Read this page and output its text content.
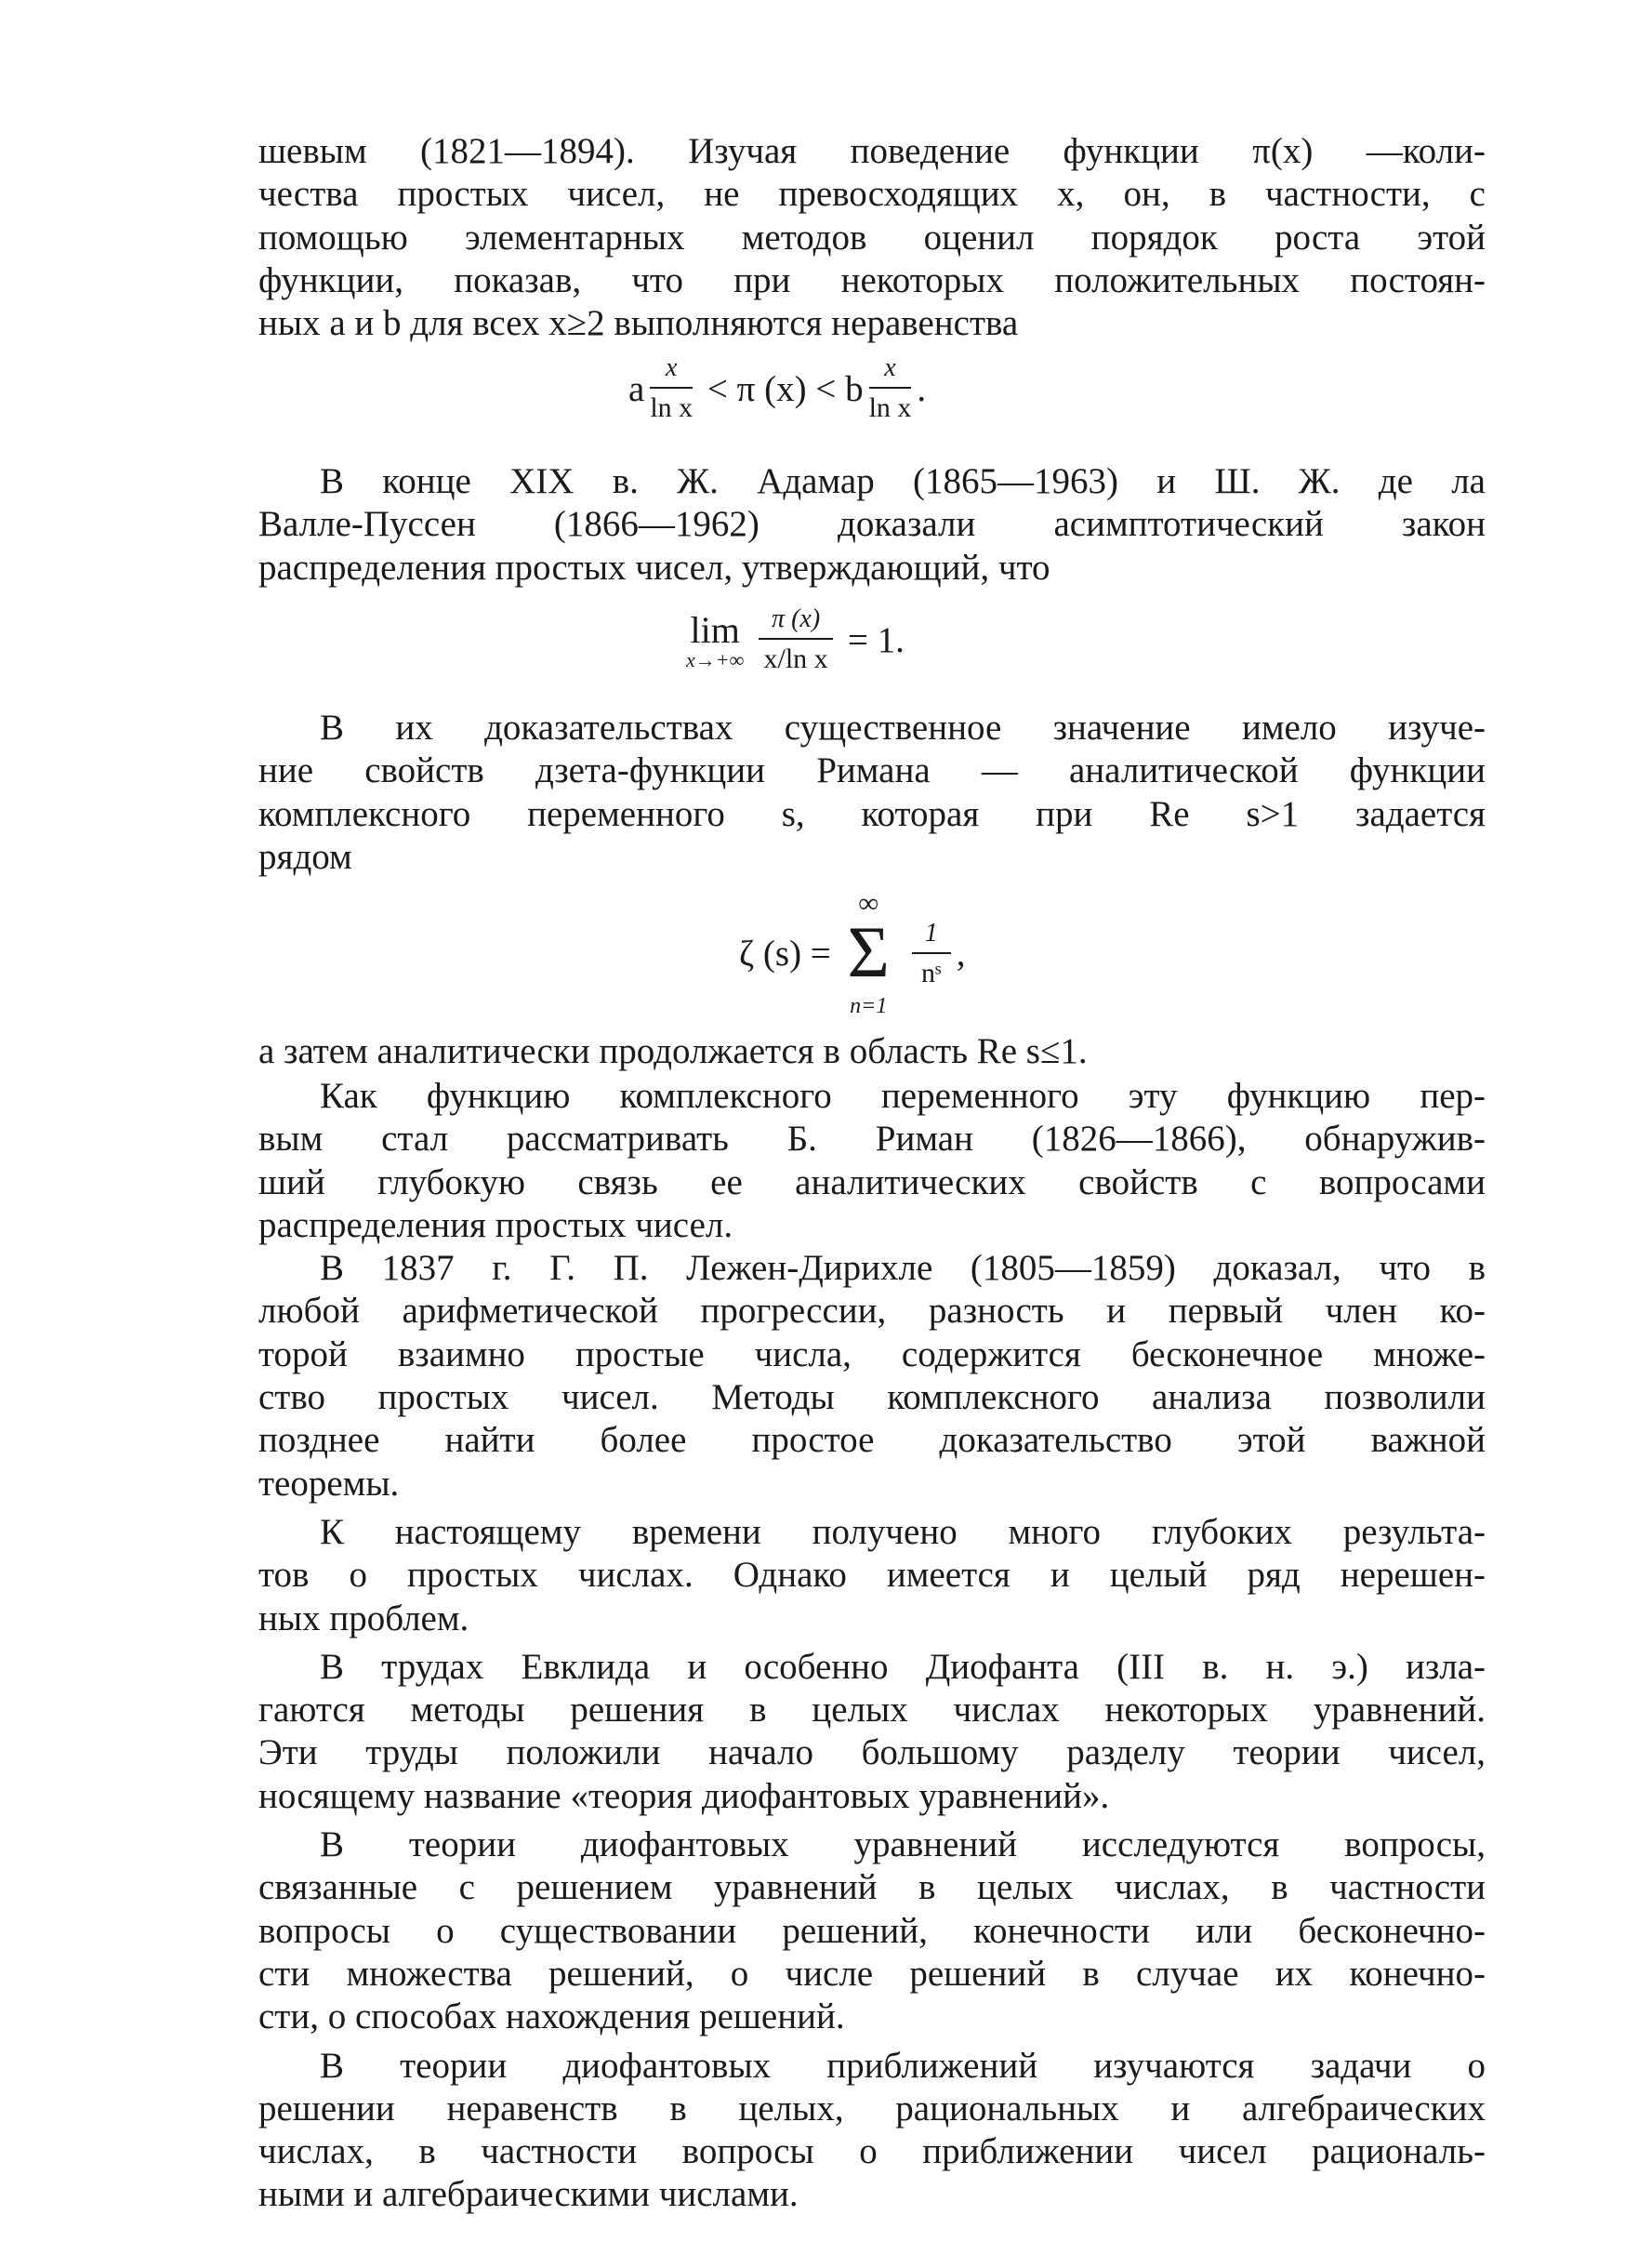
шевым (1821—1894). Изучая поведение функции π(x) —коли-

чества простых чисел, не превосходящих x, он, в частности, с

помощью элементарных методов оценил порядок роста этой

функции, показав, что при некоторых положительных постоян-

ных a и b для всех x≥2 выполняются неравенства

a $\frac{x}{\text{ln x}} < \pi$ (x) < b $\frac{x}{\text{ln x}}$ .

В конце XIX в. Ж. Адамар (1865—1963) и Ш. Ж. де ла

Валле-Пуссен (1866—1962) доказали асимптотический закон

распределения простых чисел, утверждающий, что

lim
x→+∞
$\frac{\pi (x)}{\text{x/ln x}} = 1$.

В их доказательствах существенное значение имело изуче-

ние свойств дзета-функции Римана — аналитической функции

комплексного переменного s, которая при Re s>1 задается

рядом

ζ (s) =
∞
Σ
n=1

$\frac{1}{\text{nˢ}}$ ,

а затем аналитически продолжается в область Re s≤1.

Как функцию комплексного переменного эту функцию пер-

вым стал рассматривать Б. Риман (1826—1866), обнаружив-

ший глубокую связь ее аналитических свойств с вопросами

распределения простых чисел.

В 1837 г. Г. П. Лежен-Дирихле (1805—1859) доказал, что в

любой арифметической прогрессии, разность и первый член ко-

торой взаимно простые числа, содержится бесконечное множе-

ство простых чисел. Методы комплексного анализа позволили

позднее найти более простое доказательство этой важной

теоремы.

К настоящему времени получено много глубоких результа-

тов о простых числах. Однако имеется и целый ряд нерешен-

ных проблем.

В трудах Евклида и особенно Диофанта (III в. н. э.) изла-

гаются методы решения в целых числах некоторых уравнений.

Эти труды положили начало большому разделу теории чисел,

носящему название «теория диофантовых уравнений».

В теории диофантовых уравнений исследуются вопросы,

связанные с решением уравнений в целых числах, в частности

вопросы о существовании решений, конечности или бесконечно-

сти множества решений, о числе решений в случае их конечно-

сти, о способах нахождения решений.

В теории диофантовых приближений изучаются задачи о

решении неравенств в целых, рациональных и алгебраических

числах, в частности вопросы о приближении чисел рациональ-

ными и алгебраическими числами.
